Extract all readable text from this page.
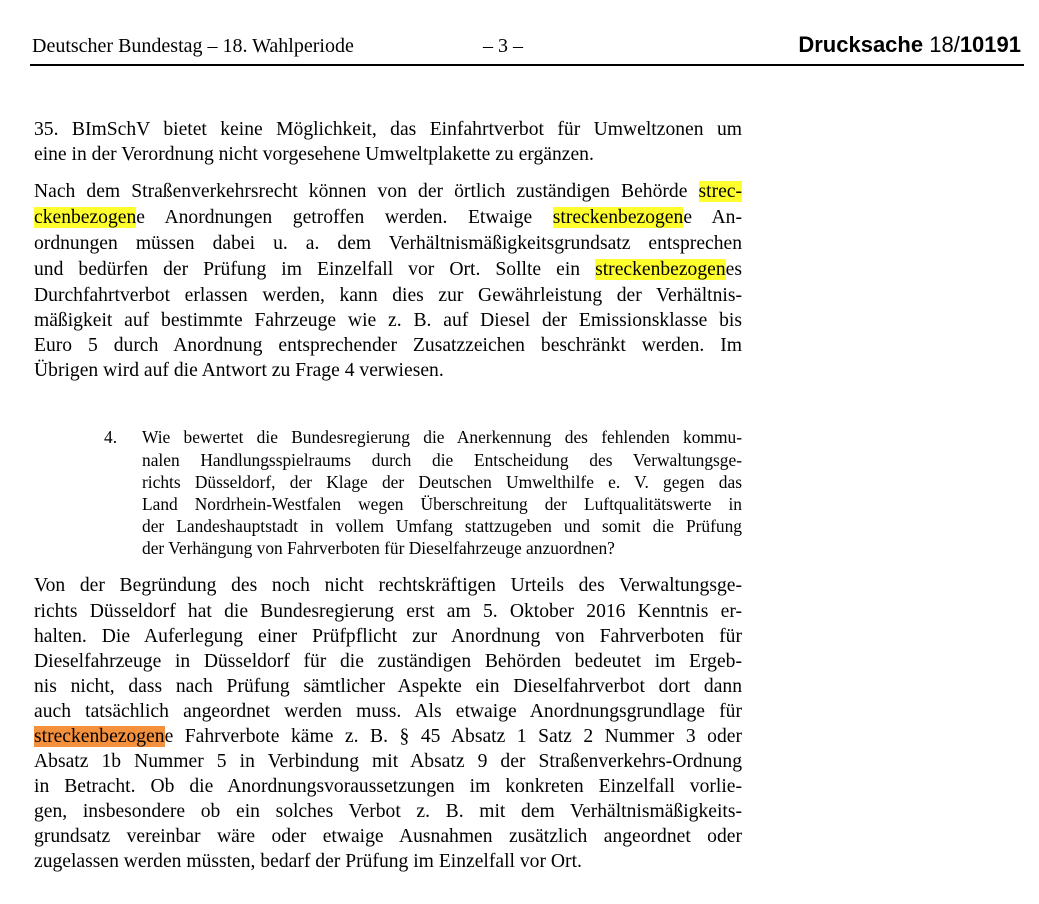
Deutscher Bundestag – 18. Wahlperiode	– 3 –	Drucksache 18/10191
35. BImSchV bietet keine Möglichkeit, das Einfahrtverbot für Umweltzonen um
eine in der Verordnung nicht vorgesehene Umweltplakette zu ergänzen.
Nach dem Straßenverkehrsrecht können von der örtlich zuständigen Behörde strec-
ckenbezogene Anordnungen getroffen werden. Etwaige streckenbezogene An-
ordnungen müssen dabei u. a. dem Verhältnismäßigkeitsgrundsatz entsprechen
und bedürfen der Prüfung im Einzelfall vor Ort. Sollte ein streckenbezogenes
Durchfahrtverbot erlassen werden, kann dies zur Gewährleistung der Verhältnis-
mäßigkeit auf bestimmte Fahrzeuge wie z. B. auf Diesel der Emissionsklasse bis
Euro 5 durch Anordnung entsprechender Zusatzzeichen beschränkt werden. Im
Übrigen wird auf die Antwort zu Frage 4 verwiesen.
4. Wie bewertet die Bundesregierung die Anerkennung des fehlenden kommu-
nalen Handlungsspielraums durch die Entscheidung des Verwaltungsge-
richts Düsseldorf, der Klage der Deutschen Umwelthilfe e. V. gegen das
Land Nordrhein-Westfalen wegen Überschreitung der Luftqualitätswerte in
der Landeshauptstadt in vollem Umfang stattzugeben und somit die Prüfung
der Verhängung von Fahrverboten für Dieselfahrzeuge anzuordnen?
Von der Begründung des noch nicht rechtskräftigen Urteils des Verwaltungsge-
richts Düsseldorf hat die Bundesregierung erst am 5. Oktober 2016 Kenntnis er-
halten. Die Auferlegung einer Prüfpflicht zur Anordnung von Fahrverboten für
Dieselfahrzeuge in Düsseldorf für die zuständigen Behörden bedeutet im Ergeb-
nis nicht, dass nach Prüfung sämtlicher Aspekte ein Dieselfahrverbot dort dann
auch tatsächlich angeordnet werden muss. Als etwaige Anordnungsgrundlage für
streckenbezogene Fahrverbote käme z. B. § 45 Absatz 1 Satz 2 Nummer 3 oder
Absatz 1b Nummer 5 in Verbindung mit Absatz 9 der Straßenverkehrs-Ordnung
in Betracht. Ob die Anordnungsvoraussetzungen im konkreten Einzelfall vorlie-
gen, insbesondere ob ein solches Verbot z. B. mit dem Verhältnismäßigkeits-
grundsatz vereinbar wäre oder etwaige Ausnahmen zusätzlich angeordnet oder
zugelassen werden müssten, bedarf der Prüfung im Einzelfall vor Ort.
